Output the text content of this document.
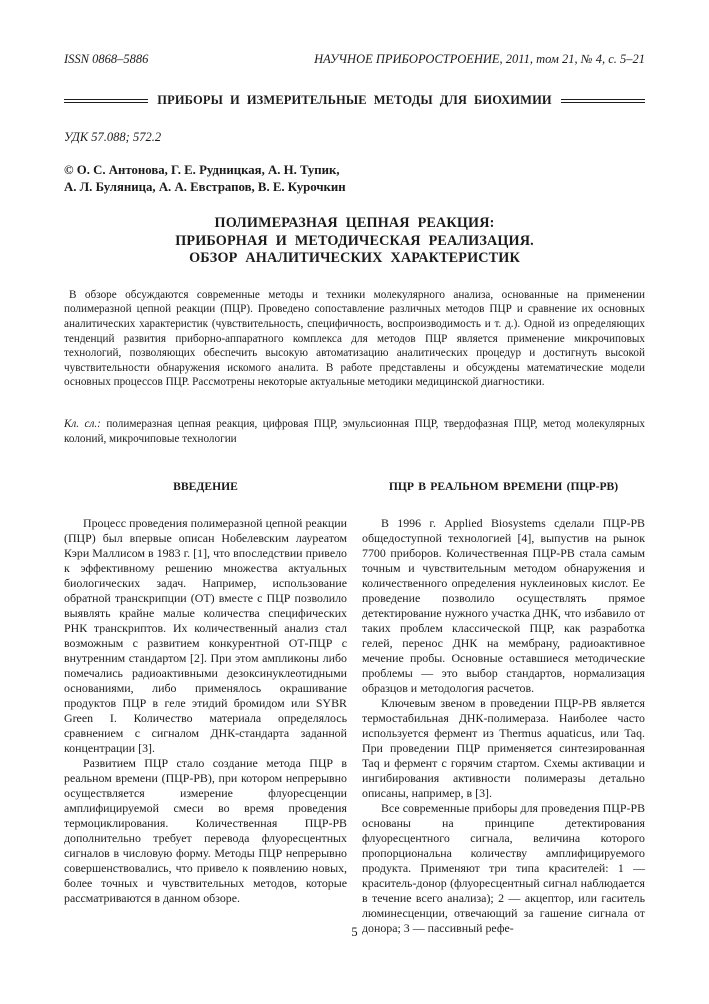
ISSN 0868–5886	НАУЧНОЕ ПРИБОРОСТРОЕНИЕ, 2011, том 21, № 4, с. 5–21
ПРИБОРЫ И ИЗМЕРИТЕЛЬНЫЕ МЕТОДЫ ДЛЯ БИОХИМИИ

УДК 57.088; 572.2

© О. С. Антонова, Г. Е. Рудницкая, А. Н. Тупик,
А. Л. Буляница, А. А. Евстрапов, В. Е. Курочкин
ПОЛИМЕРАЗНАЯ ЦЕПНАЯ РЕАКЦИЯ:
ПРИБОРНАЯ И МЕТОДИЧЕСКАЯ РЕАЛИЗАЦИЯ.
ОБЗОР АНАЛИТИЧЕСКИХ ХАРАКТЕРИСТИК

В обзоре обсуждаются современные методы и техники молекулярного анализа, основанные на применении полимеразной цепной реакции (ПЦР). Проведено сопоставление различных методов ПЦР и сравнение их основных аналитических характеристик (чувствительность, специфичность, воспроизводимость и т. д.). Одной из определяющих тенденций развития приборно-аппаратного комплекса для методов ПЦР является применение микрочиповых технологий, позволяющих обеспечить высокую автоматизацию аналитических процедур и достигнуть высокой чувствительности обнаружения искомого аналита. В работе представлены и обсуждены математические модели основных процессов ПЦР. Рассмотрены некоторые актуальные методики медицинской диагностики.

Кл. сл.: полимеразная цепная реакция, цифровая ПЦР, эмульсионная ПЦР, твердофазная ПЦР, метод молекулярных колоний, микрочиповые технологии

ВВЕДЕНИЕ

Процесс проведения полимеразной цепной реакции (ПЦР) был впервые описан Нобелевским лауреатом Кэри Маллисом в 1983 г. [1], что впоследствии привело к эффективному решению множества актуальных биологических задач. Например, использование обратной транскрипции (ОТ) вместе с ПЦР позволило выявлять крайне малые количества специфических РНК транскриптов. Их количественный анализ стал возможным с развитием конкурентной ОТ-ПЦР с внутренним стандартом [2]. При этом ампликоны либо помечались радиоактивными дезоксинуклеотидными основаниями, либо применялось окрашивание продуктов ПЦР в геле этидий бромидом или SYBR Green I. Количество материала определялось сравнением с сигналом ДНК-стандарта заданной концентрации [3].

Развитием ПЦР стало создание метода ПЦР в реальном времени (ПЦР-РВ), при котором непрерывно осуществляется измерение флуоресценции амплифицируемой смеси во время проведения термоциклирования. Количественная ПЦР-РВ дополнительно требует перевода флуоресцентных сигналов в числовую форму. Методы ПЦР непрерывно совершенствовались, что привело к появлению новых, более точных и чувствительных методов, которые рассматриваются в данном обзоре.

ПЦР В РЕАЛЬНОМ ВРЕМЕНИ (ПЦР-РВ)

В 1996 г. Applied Biosystems сделали ПЦР-РВ общедоступной технологией [4], выпустив на рынок 7700 приборов. Количественная ПЦР-РВ стала самым точным и чувствительным методом обнаружения и количественного определения нуклеиновых кислот. Ее проведение позволило осуществлять прямое детектирование нужного участка ДНК, что избавило от таких проблем классической ПЦР, как разработка гелей, перенос ДНК на мембрану, радиоактивное мечение пробы. Основные оставшиеся методические проблемы — это выбор стандартов, нормализация образцов и методология расчетов.

Ключевым звеном в проведении ПЦР-РВ является термостабильная ДНК-полимераза. Наиболее часто используется фермент из Thermus aquaticus, или Taq. При проведении ПЦР применяется синтезированная Taq и фермент с горячим стартом. Схемы активации и ингибирования активности полимеразы детально описаны, например, в [3].

Все современные приборы для проведения ПЦР-РВ основаны на принципе детектирования флуоресцентного сигнала, величина которого пропорциональна количеству амплифицируемого продукта. Применяют три типа красителей: 1 — краситель-донор (флуоресцентный сигнал наблюдается в течение всего анализа); 2 — акцептор, или гаситель люминесценции, отвечающий за гашение сигнала от донора; 3 — пассивный рефе-

5
